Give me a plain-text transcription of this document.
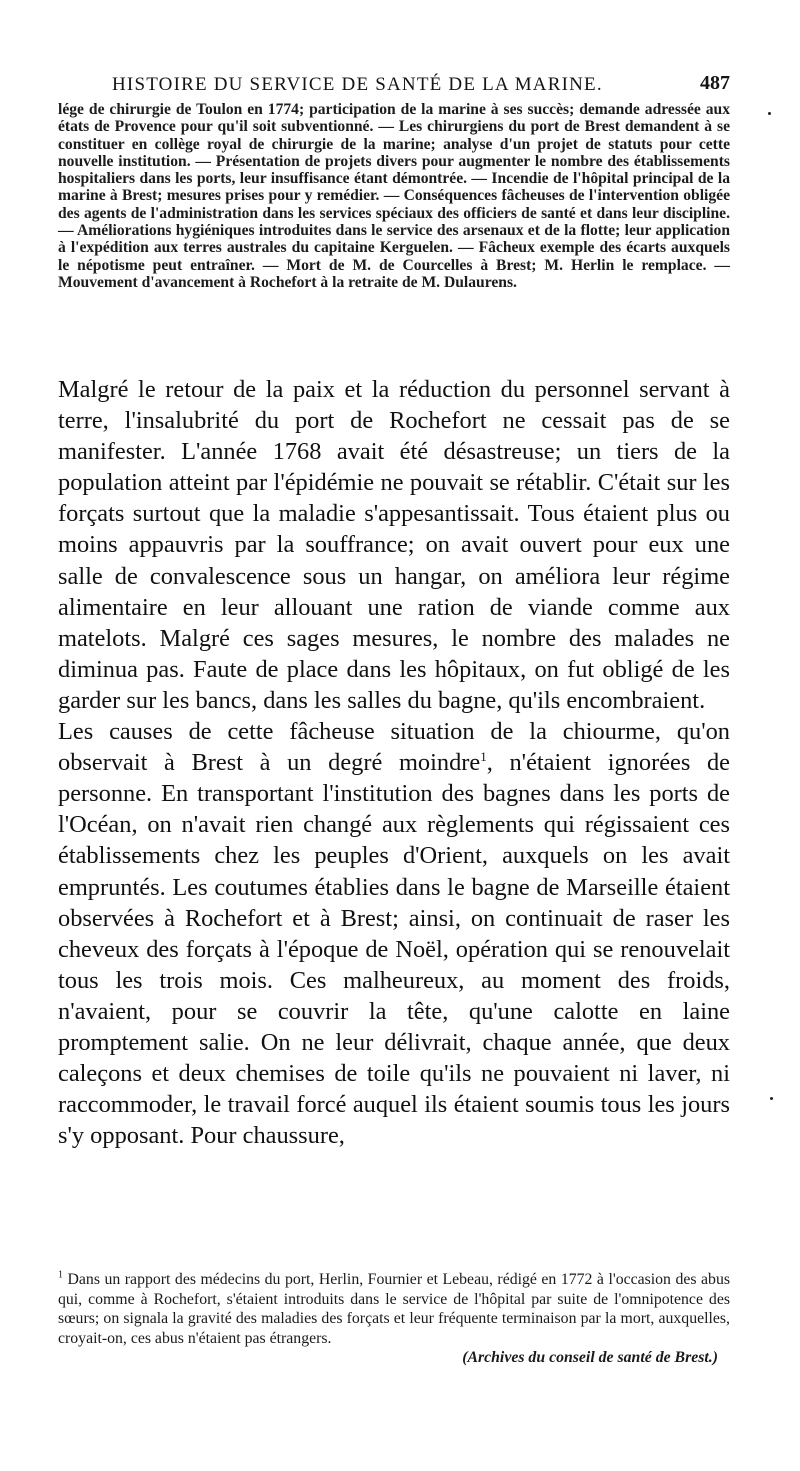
HISTOIRE DU SERVICE DE SANTÉ DE LA MARINE.	487
lége de chirurgie de Toulon en 1774; participation de la marine à ses succès; demande adressée aux états de Provence pour qu'il soit subventionné. — Les chirurgiens du port de Brest demandent à se constituer en collège royal de chirurgie de la marine; analyse d'un projet de statuts pour cette nouvelle institution. — Présentation de projets divers pour augmenter le nombre des établissements hospitaliers dans les ports, leur insuffisance étant démontrée. — Incendie de l'hôpital principal de la marine à Brest; mesures prises pour y remédier. — Conséquences fâcheuses de l'intervention obligée des agents de l'administration dans les services spéciaux des officiers de santé et dans leur discipline. — Améliorations hygiéniques introduites dans le service des arsenaux et de la flotte; leur application à l'expédition aux terres australes du capitaine Kerguelen. — Fâcheux exemple des écarts auxquels le népotisme peut entraîner. — Mort de M. de Courcelles à Brest; M. Herlin le remplace. — Mouvement d'avancement à Rochefort à la retraite de M. Dulaurens.

Malgré le retour de la paix et la réduction du personnel servant à terre, l'insalubrité du port de Rochefort ne cessait pas de se manifester. L'année 1768 avait été désastreuse; un tiers de la population atteint par l'épidémie ne pouvait se rétablir. C'était sur les forçats surtout que la maladie s'appesantissait. Tous étaient plus ou moins appauvris par la souffrance; on avait ouvert pour eux une salle de convalescence sous un hangar, on améliora leur régime alimentaire en leur allouant une ration de viande comme aux matelots. Malgré ces sages mesures, le nombre des malades ne diminua pas. Faute de place dans les hôpitaux, on fut obligé de les garder sur les bancs, dans les salles du bagne, qu'ils encombraient.

Les causes de cette fâcheuse situation de la chiourme, qu'on observait à Brest à un degré moindre$^1$, n'étaient ignorées de personne. En transportant l'institution des bagnes dans les ports de l'Océan, on n'avait rien changé aux règlements qui régissaient ces établissements chez les peuples d'Orient, auxquels on les avait empruntés. Les coutumes établies dans le bagne de Marseille étaient observées à Rochefort et à Brest; ainsi, on continuait de raser les cheveux des forçats à l'époque de Noël, opération qui se renouvelait tous les trois mois. Ces malheureux, au moment des froids, n'avaient, pour se couvrir la tête, qu'une calotte en laine promptement salie. On ne leur délivrait, chaque année, que deux caleçons et deux chemises de toile qu'ils ne pouvaient ni laver, ni raccommoder, le travail forcé auquel ils étaient soumis tous les jours s'y opposant. Pour chaussure,

$^1$ Dans un rapport des médecins du port, Herlin, Fournier et Lebeau, rédigé en 1772 à l'occasion des abus qui, comme à Rochefort, s'étaient introduits dans le service de l'hôpital par suite de l'omnipotence des sœurs; on signala la gravité des maladies des forçats et leur fréquente terminaison par la mort, auxquelles, croyait-on, ces abus n'étaient pas étrangers.
(Archives du conseil de santé de Brest.)
